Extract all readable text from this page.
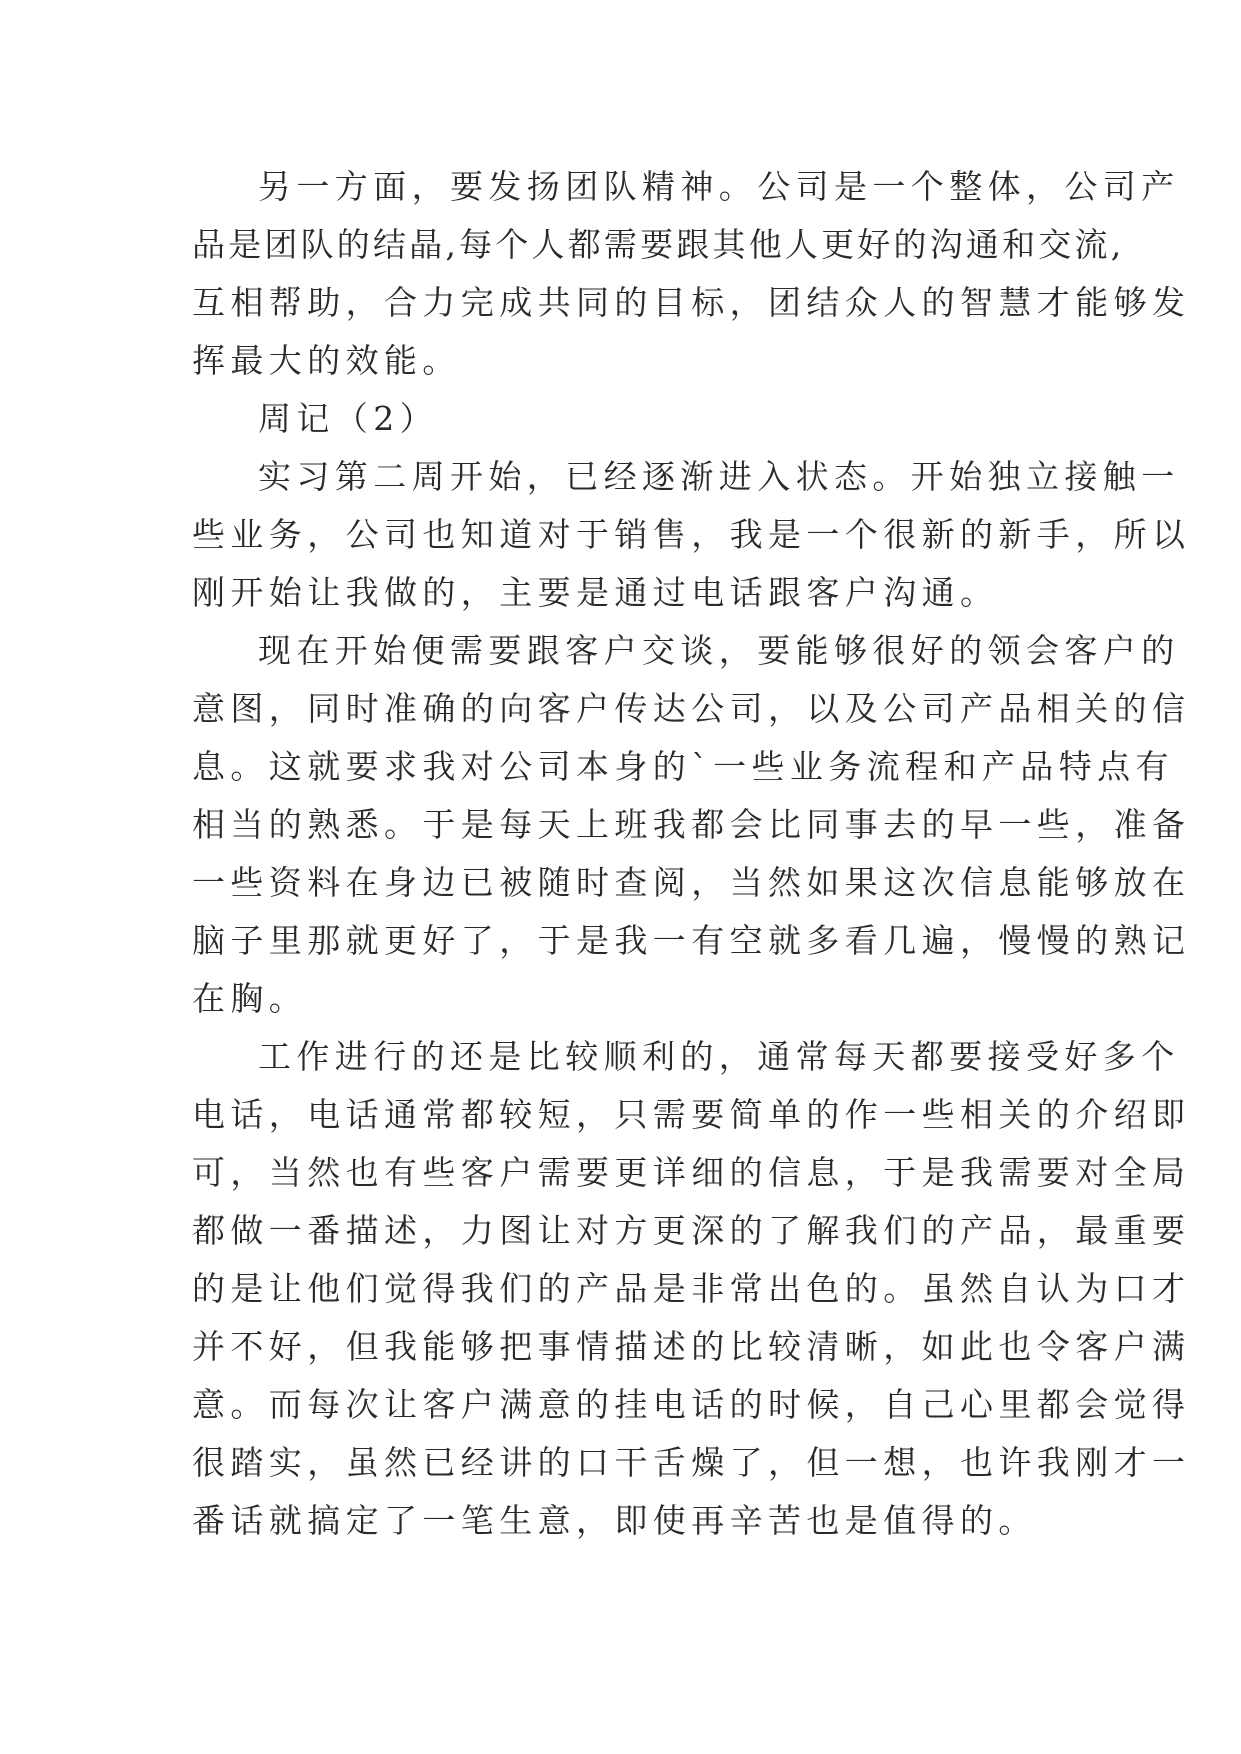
另一方面，要发扬团队精神。公司是一个整体，公司产
品是团队的结晶,每个人都需要跟其他人更好的沟通和交流,
互相帮助，合力完成共同的目标，团结众人的智慧才能够发
挥最大的效能。
周记（2）
实习第二周开始，已经逐渐进入状态。开始独立接触一
些业务，公司也知道对于销售，我是一个很新的新手，所以
刚开始让我做的，主要是通过电话跟客户沟通。
现在开始便需要跟客户交谈，要能够很好的领会客户的
意图，同时准确的向客户传达公司，以及公司产品相关的信
息。这就要求我对公司本身的`一些业务流程和产品特点有
相当的熟悉。于是每天上班我都会比同事去的早一些，准备
一些资料在身边已被随时查阅，当然如果这次信息能够放在
脑子里那就更好了，于是我一有空就多看几遍，慢慢的熟记
在胸。
工作进行的还是比较顺利的，通常每天都要接受好多个
电话，电话通常都较短，只需要简单的作一些相关的介绍即
可，当然也有些客户需要更详细的信息，于是我需要对全局
都做一番描述，力图让对方更深的了解我们的产品，最重要
的是让他们觉得我们的产品是非常出色的。虽然自认为口才
并不好，但我能够把事情描述的比较清晰，如此也令客户满
意。而每次让客户满意的挂电话的时候，自己心里都会觉得
很踏实，虽然已经讲的口干舌燥了，但一想，也许我刚才一
番话就搞定了一笔生意，即使再辛苦也是值得的。
